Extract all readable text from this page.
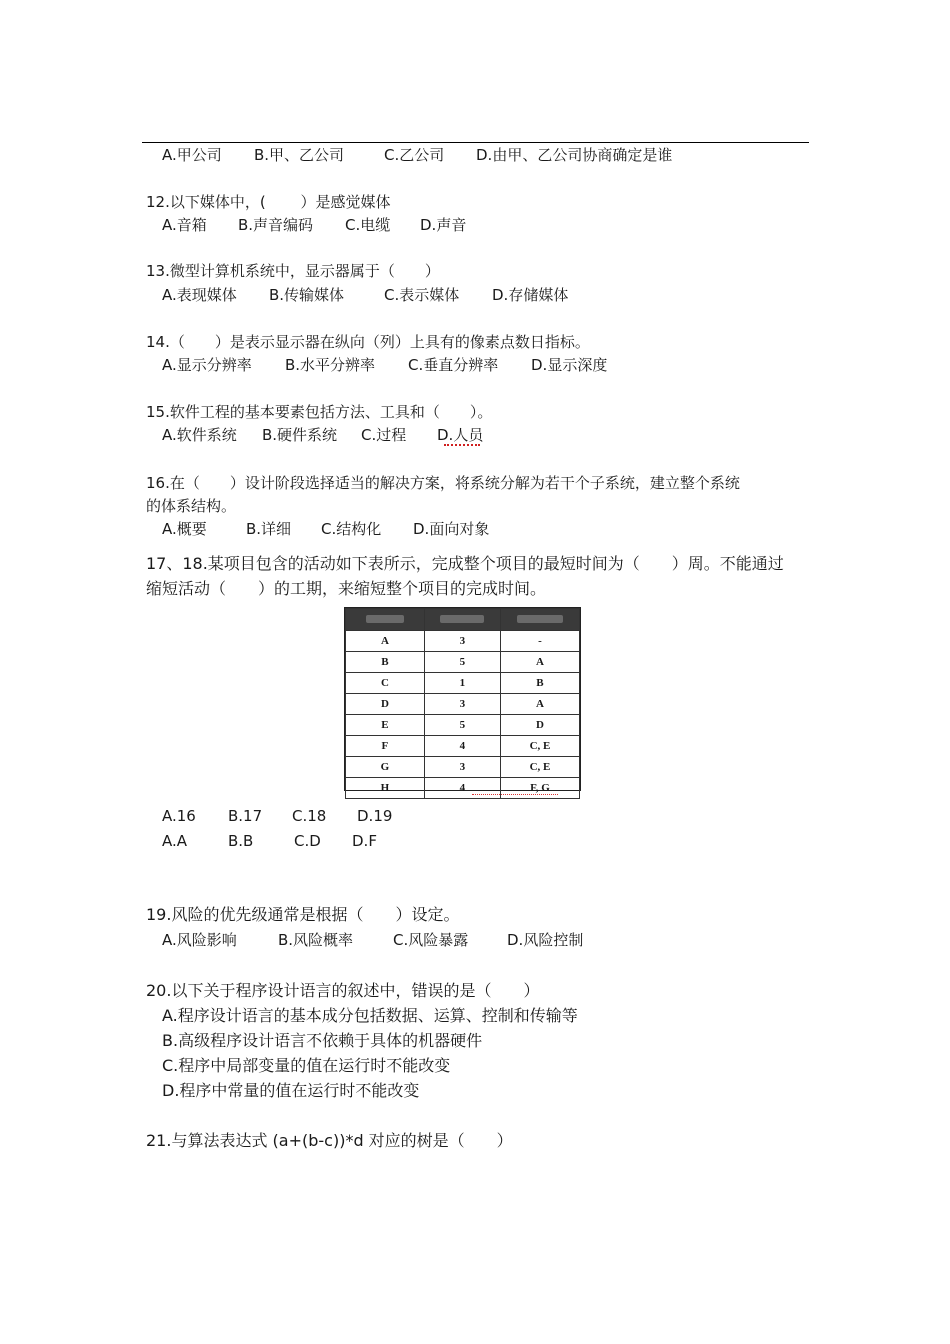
A.甲公司 B.甲、乙公司	C.乙公司 D.由甲、乙公司协商确定是谁
12.以下媒体中，(　　 ）是感觉媒体
A.音箱 B.声音编码 C.电缆 D.声音
13.微型计算机系统中，显示器属于（　　）
A.表现媒体 B.传输媒体	C.表示媒体 D.存储媒体
14.（　　）是表示显示器在纵向（列）上具有的像素点数日指标。
A.显示分辨率 B.水平分辨率 C.垂直分辨率 D.显示深度
15.软件工程的基本要素包括方法、工具和（　　）。
A.软件系统 B.硬件系统 C.过程 D.人员
16.在（　　）设计阶段选择适当的解决方案，将系统分解为若干个子系统，建立整个系统
的体系结构。
A.概要	B.详细 C.结构化 D.面向对象
17、18.某项目包含的活动如下表所示，完成整个项目的最短时间为（　　）周。不能通过
缩短活动（　　）的工期，来缩短整个项目的完成时间。

A	3	-
B	5	A
C	1	B
D	3	A
E	5	D
F	4	C, E
G	3	C, E
H	4	F, G
A.16 B.17 C.18 D.19
A.A	B.B	C.D D.F
19.风险的优先级通常是根据（　　）设定。
A.风险影响	B.风险概率	C.风险暴露	D.风险控制
20.以下关于程序设计语言的叙述中，错误的是（　　）
A.程序设计语言的基本成分包括数据、运算、控制和传输等
B.高级程序设计语言不依赖于具体的机器硬件
C.程序中局部变量的值在运行时不能改变
D.程序中常量的值在运行时不能改变
21.与算法表达式 (a+(b-c))*d 对应的树是（　　）
